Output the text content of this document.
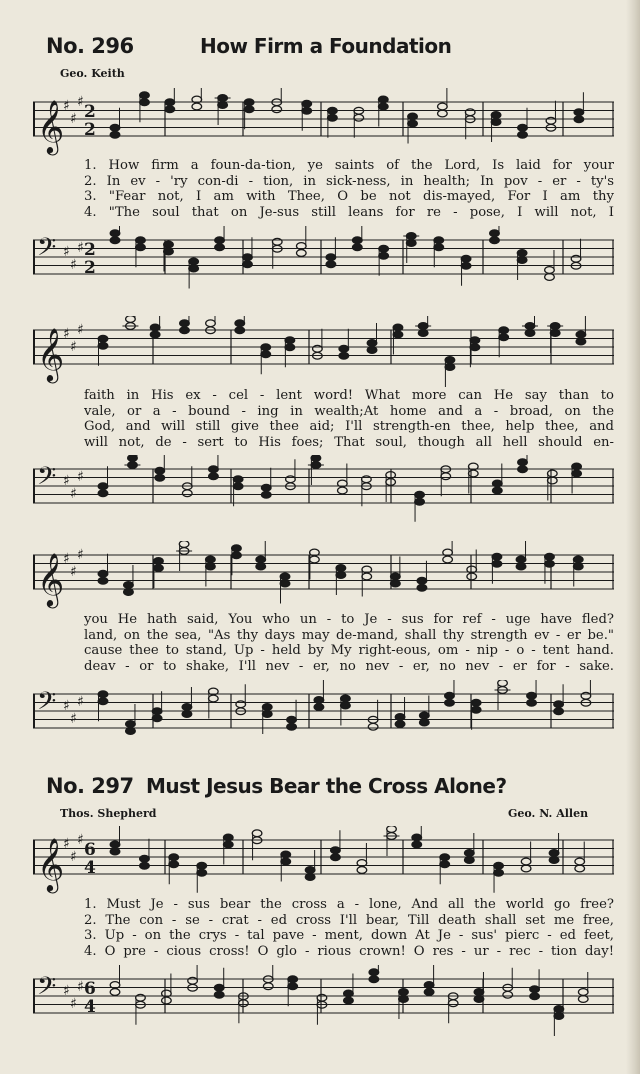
No. 296	How Firm a Foundation
Geo. Keith
𝄞
♯
♯
♯ 2
2
1. How firm a foun-da-tion, ye saints of the Lord, Is laid for your
2. In ev - 'ry con-di - tion, in sick-ness, in health; In pov - er - ty's
3. "Fear not, I am with Thee, O be not dis-mayed, For I am thy
4. "The soul that on Je-sus still leans for re - pose, I will not, I
𝄢 ♯
♯
♯ 2
2
𝄞
♯
♯
♯
faith in His ex - cel - lent word! What more can He say than to
vale, or a - bound - ing in wealth;At home and a - broad, on the
God, and will still give thee aid; I'll strength-en thee, help thee, and
will not, de - sert to His foes; That soul, though all hell should en-
𝄢 ♯
♯
♯
𝄞
♯
♯
♯
you He hath said, You who un - to Je - sus for ref - uge have fled?
land, on the sea, "As thy days may de-mand, shall thy strength ev - er be."
cause thee to stand, Up - held by My right-eous, om - nip - o - tent hand.
deav - or to shake, I'll nev - er, no nev - er, no nev - er for - sake.
𝄢 ♯
♯
♯
No. 297 Must Jesus Bear the Cross Alone?
Thos. Shepherd	Geo. N. Allen
𝄞
♯
♯
♯ 6
4
1. Must Je - sus bear the cross a - lone, And all the world go free?
2. The con - se - crat - ed cross I'll bear, Till death shall set me free,
3. Up - on the crys - tal pave - ment, down At Je - sus' pierc - ed feet,
4. O pre - cious cross! O glo - rious crown! O res - ur - rec - tion day!
𝄢 ♯
♯
♯ 6
4
